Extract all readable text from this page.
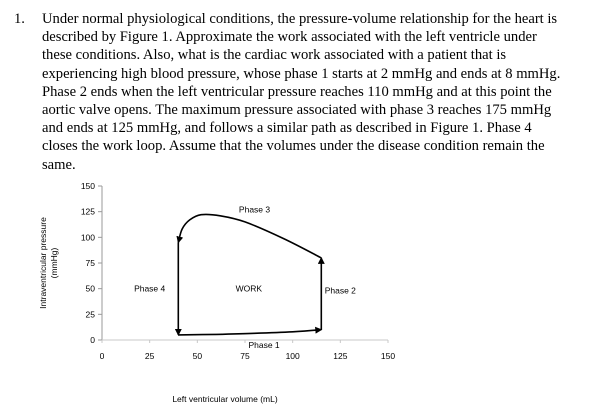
1.	Under normal physiological conditions, the pressure-volume relationship for the heart is
described by Figure 1. Approximate the work associated with the left ventricle under
these conditions. Also, what is the cardiac work associated with a patient that is
experiencing high blood pressure, whose phase 1 starts at 2 mmHg and ends at 8 mmHg.
Phase 2 ends when the left ventricular pressure reaches 110 mmHg and at this point the
aortic valve opens. The maximum pressure associated with phase 3 reaches 175 mmHg
and ends at 125 mmHg, and follows a similar path as described in Figure 1. Phase 4
closes the work loop. Assume that the volumes under the disease condition remain the
same.
0
25
50
75
100
125
150
0	25	50	75	100	125	150
Phase 3
Phase 4	WORK	Phase 2
Phase 1
Left ventricular volume (mL)
Intraventricular pressure(mmHg)
